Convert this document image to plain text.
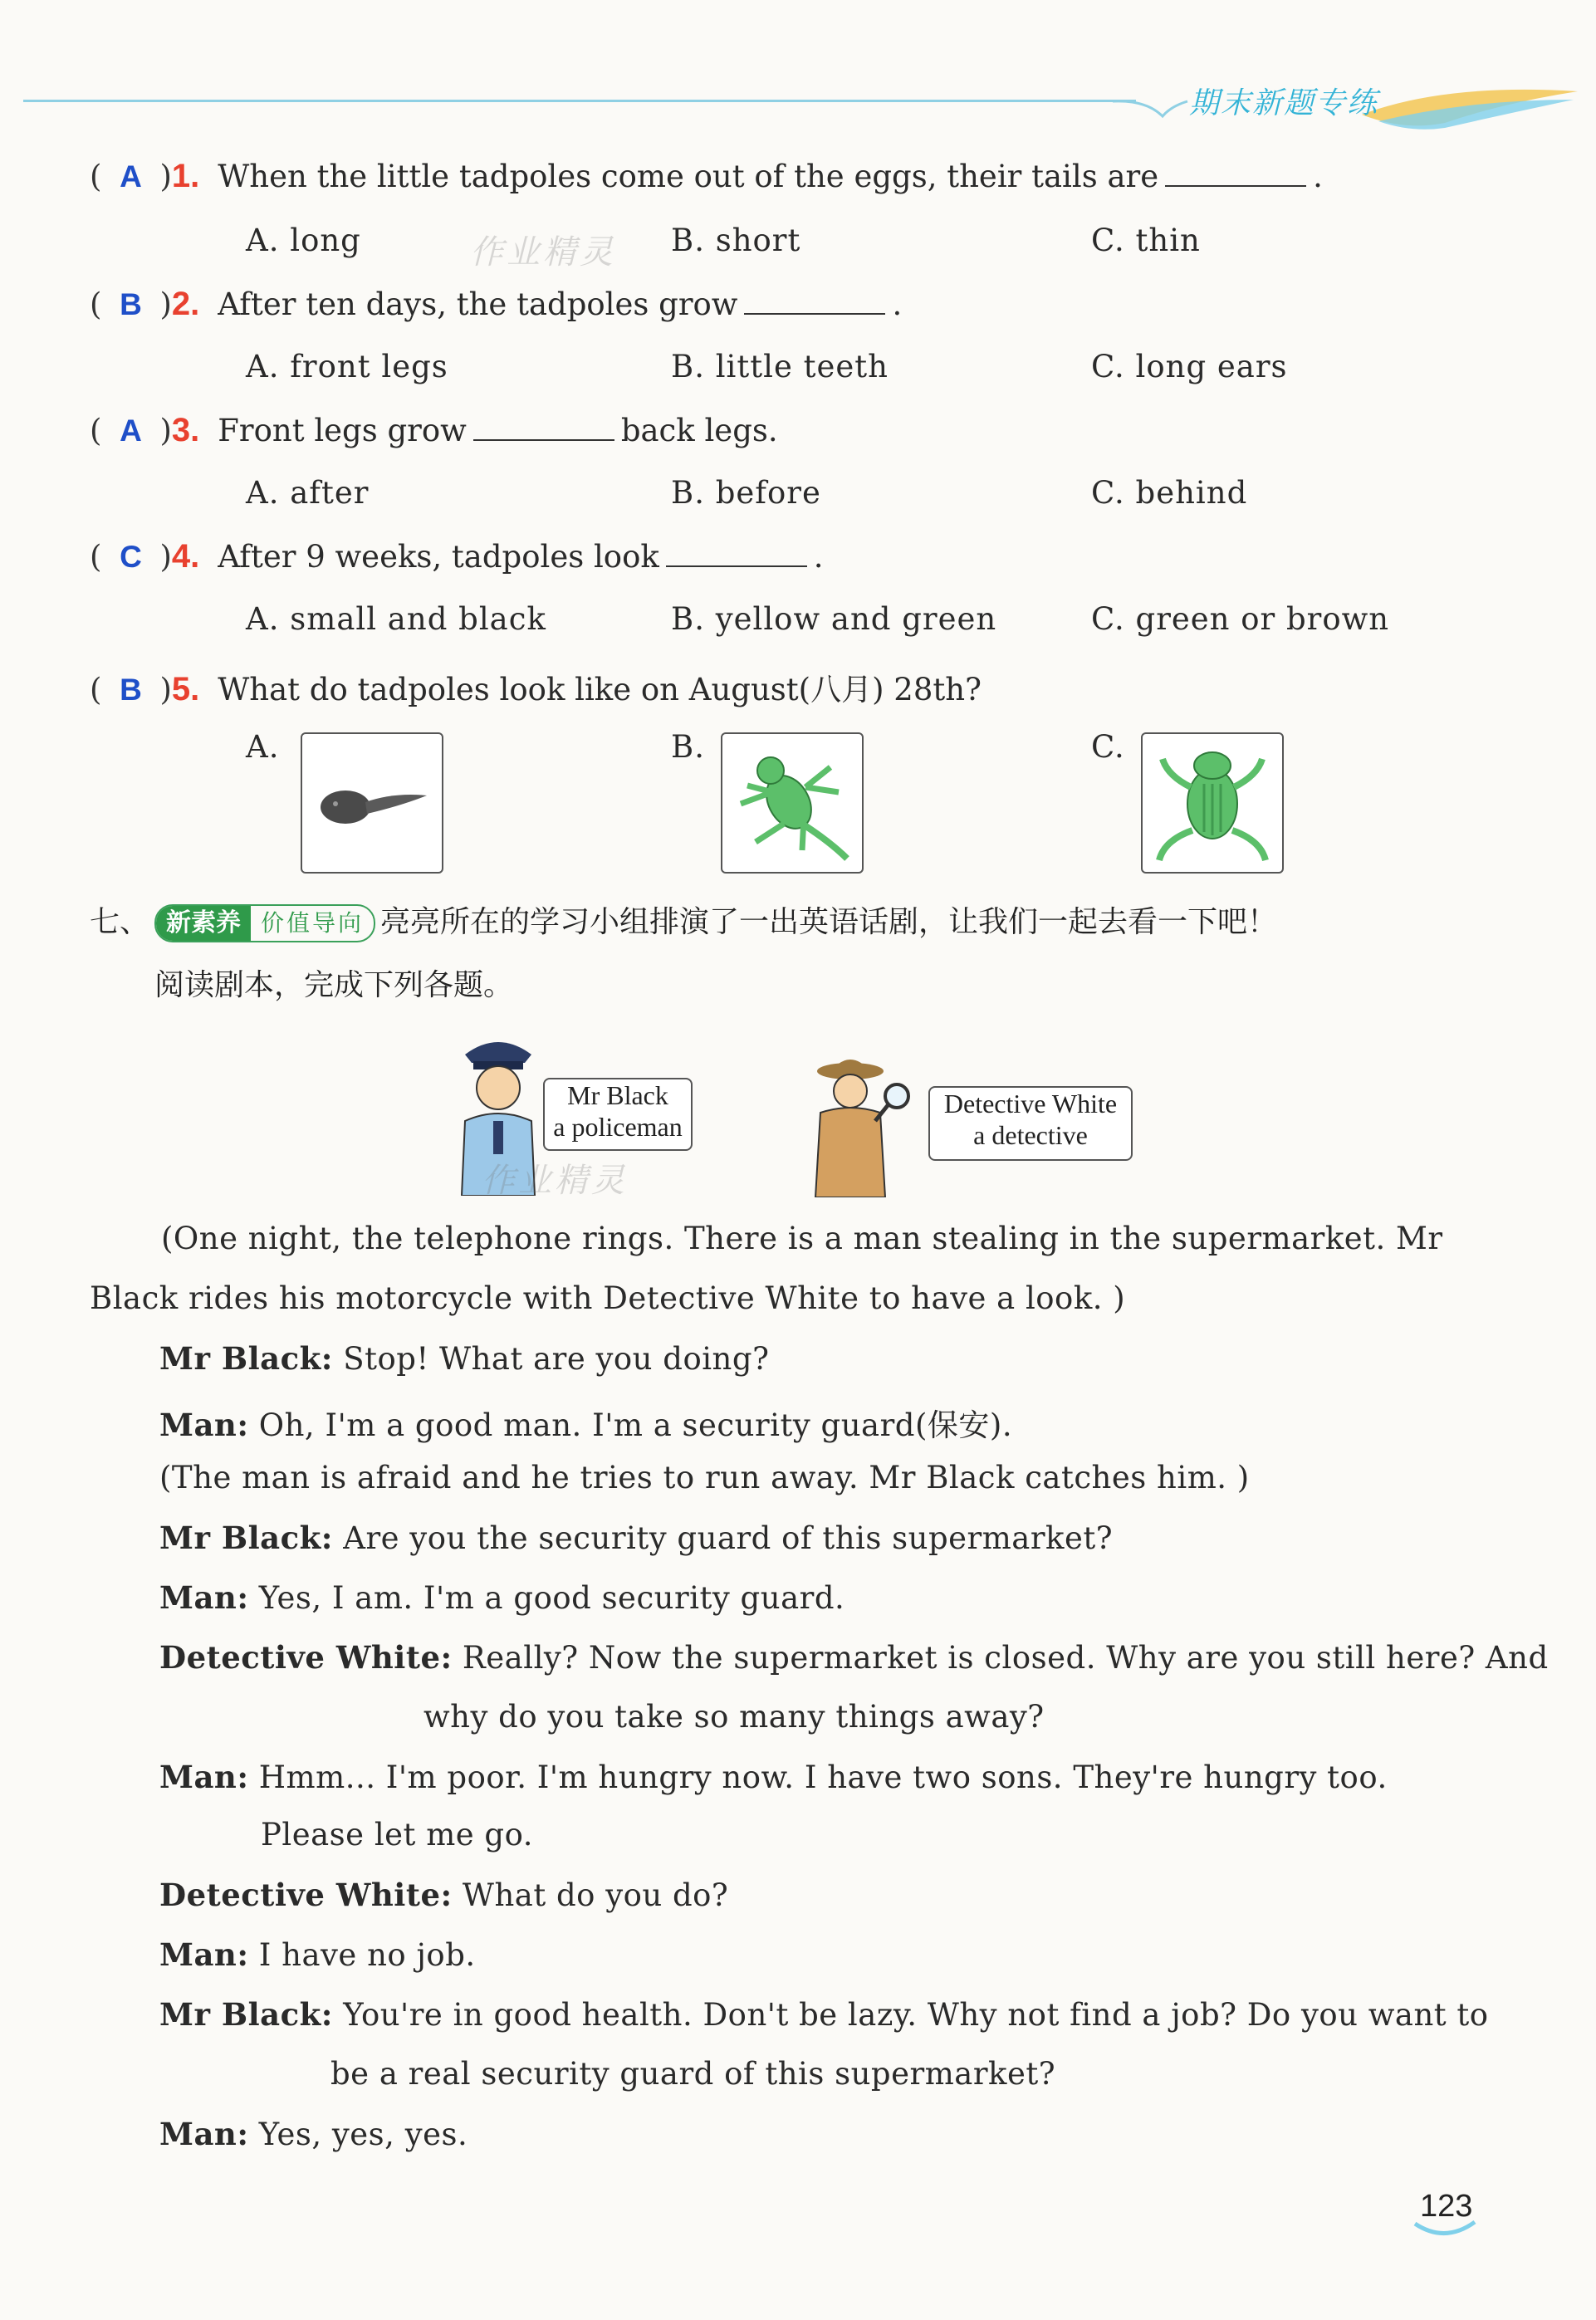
期末新题专练
( A )1. When the little tadpoles come out of the eggs, their tails are	.
A. long	B. short	C. thin
( B )2. After ten days, the tadpoles grow	.
A. front legs	B. little teeth	C. long ears
( A )3. Front legs grow	back legs.
A. after	B. before	C. behind
( C )4. After 9 weeks, tadpoles look	.
A. small and black	B. yellow and green	C. green or brown
( B )5. What do tadpoles look like on August(八月) 28th?
A.	B.	C.
七、 新素养 价值导向 亮亮所在的学习小组排演了一出英语话剧，让我们一起去看一下吧！
阅读剧本，完成下列各题。
Mr Black
a policeman
Detective White
a detective
(One night, the telephone rings. There is a man stealing in the supermarket. Mr
Black rides his motorcycle with Detective White to have a look. )
Mr Black: Stop! What are you doing?
Man: Oh, I'm a good man. I'm a security guard(保安).
(The man is afraid and he tries to run away. Mr Black catches him. )
Mr Black: Are you the security guard of this supermarket?
Man: Yes, I am. I'm a good security guard.
Detective White: Really? Now the supermarket is closed. Why are you still here? And
why do you take so many things away?
Man: Hmm... I'm poor. I'm hungry now. I have two sons. They're hungry too.
Please let me go.
Detective White: What do you do?
Man: I have no job.
Mr Black: You're in good health. Don't be lazy. Why not find a job? Do you want to
be a real security guard of this supermarket?
Man: Yes, yes, yes.
作业精灵
作业精灵
123
